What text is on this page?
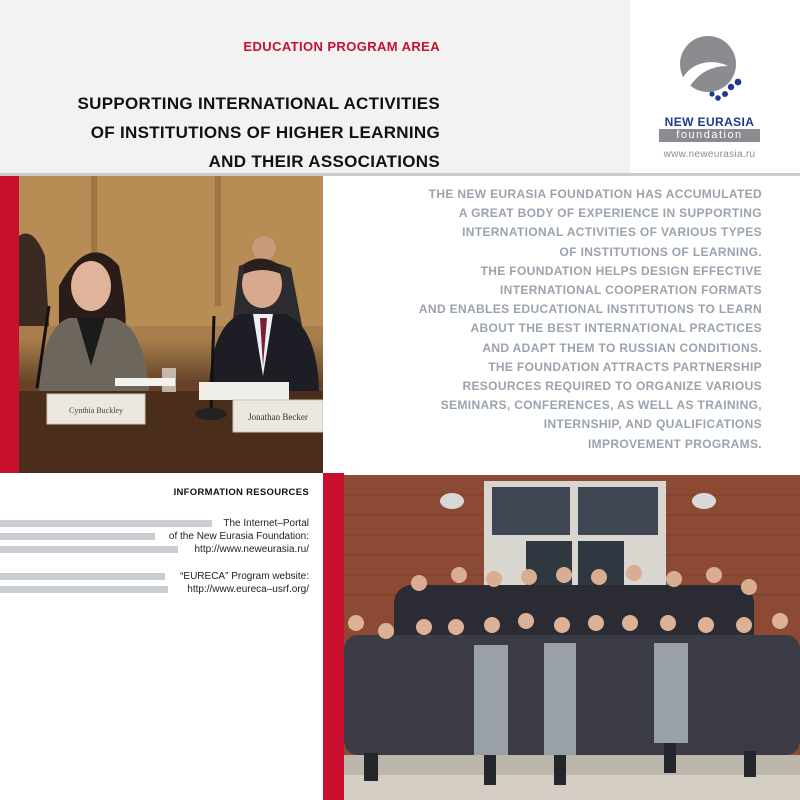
EDUCATION PROGRAM AREA
SUPPORTING INTERNATIONAL ACTIVITIES
OF INSTITUTIONS OF HIGHER LEARNING
AND THEIR ASSOCIATIONS
NEW EURASIA
foundation
www.neweurasia.ru
Cynthia Buckley
Jonathan Becker
THE NEW EURASIA FOUNDATION HAS ACCUMULATED
A GREAT BODY OF EXPERIENCE IN SUPPORTING
INTERNATIONAL ACTIVITIES OF VARIOUS TYPES
OF INSTITUTIONS OF LEARNING.
THE FOUNDATION HELPS DESIGN EFFECTIVE
INTERNATIONAL COOPERATION FORMATS
AND ENABLES EDUCATIONAL INSTITUTIONS TO LEARN
ABOUT THE BEST INTERNATIONAL PRACTICES
AND ADAPT THEM TO RUSSIAN CONDITIONS.
THE FOUNDATION ATTRACTS PARTNERSHIP
RESOURCES REQUIRED TO ORGANIZE VARIOUS
SEMINARS, CONFERENCES, AS WELL AS TRAINING,
INTERNSHIP, AND QUALIFICATIONS
IMPROVEMENT PROGRAMS.
INFORMATION RESOURCES
The Internet–Portal
of the New Eurasia Foundation:
http://www.neweurasia.ru/
“EURECA” Program website:
http://www.eureca–usrf.org/
